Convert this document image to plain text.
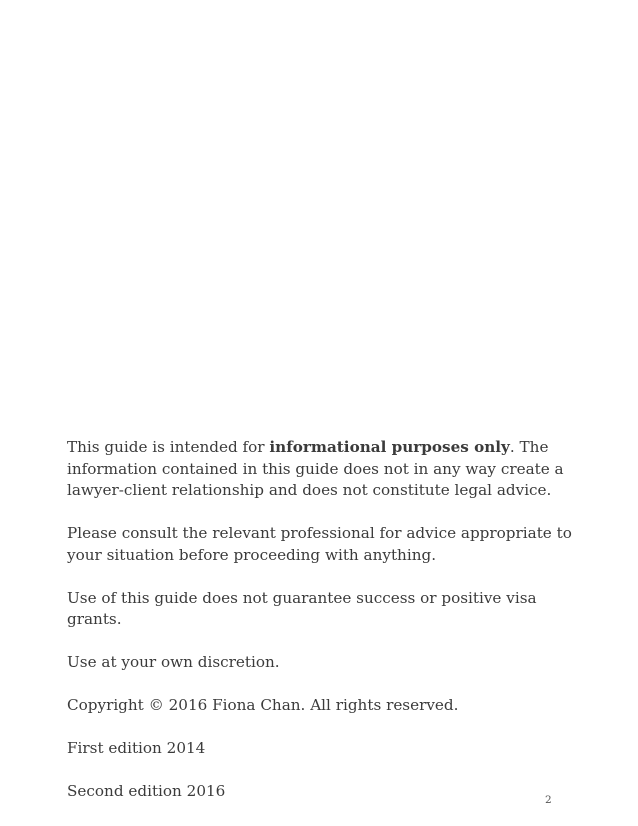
This guide is intended for informational purposes only. The information contained in this guide does not in any way create a lawyer-client relationship and does not constitute legal advice.

Please consult the relevant professional for advice appropriate to your situation before proceeding with anything.

Use of this guide does not guarantee success or positive visa grants.

Use at your own discretion.

Copyright © 2016 Fiona Chan. All rights reserved.

First edition 2014

Second edition 2016	2
